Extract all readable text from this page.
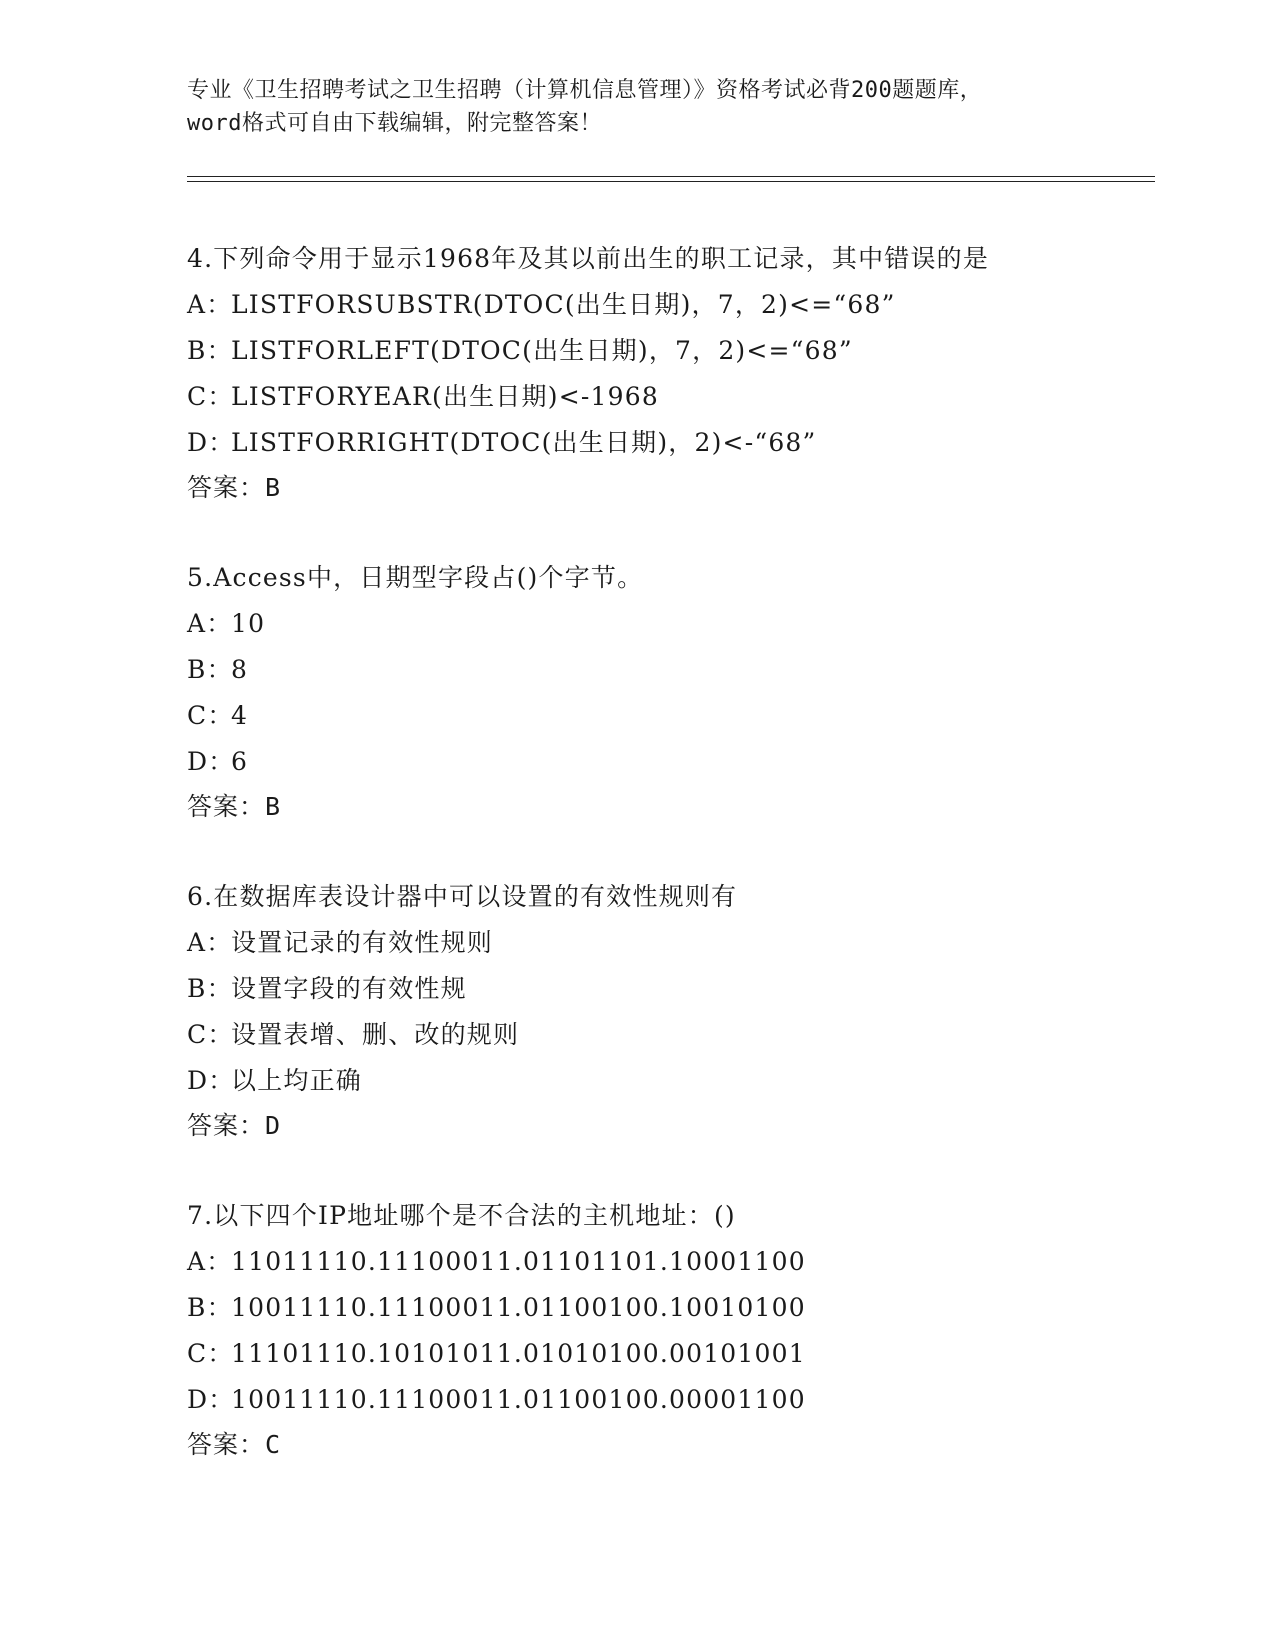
专业《卫生招聘考试之卫生招聘（计算机信息管理）》资格考试必背200题题库，
word格式可自由下载编辑，附完整答案！
4.下列命令用于显示1968年及其以前出生的职工记录，其中错误的是
A：LISTFORSUBSTR(DTOC(出生日期)，7，2)<=“68”
B：LISTFORLEFT(DTOC(出生日期)，7，2)<=“68”
C：LISTFORYEAR(出生日期)<-1968
D：LISTFORRIGHT(DTOC(出生日期)，2)<-“68”
答案：B
5.Access中，日期型字段占()个字节。
A：10
B：8
C：4
D：6
答案：B
6.在数据库表设计器中可以设置的有效性规则有
A：设置记录的有效性规则
B：设置字段的有效性规
C：设置表增、删、改的规则
D：以上均正确
答案：D
7.以下四个IP地址哪个是不合法的主机地址：()
A：11011110.11100011.01101101.10001100
B：10011110.11100011.01100100.10010100
C：11101110.10101011.01010100.00101001
D：10011110.11100011.01100100.00001100
答案：C
